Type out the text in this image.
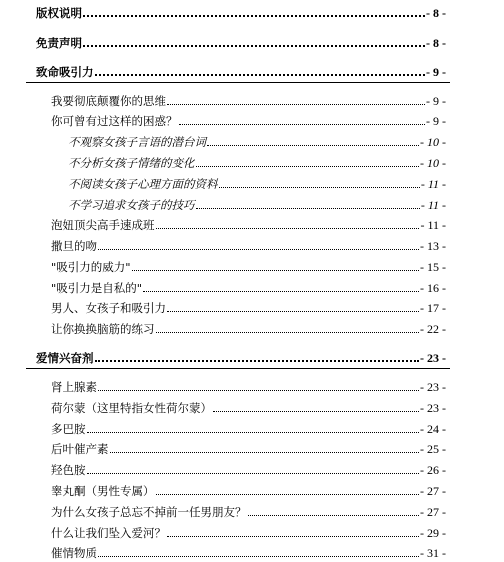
版权说明	- 8 -
免责声明	- 8 -
致命吸引力	- 9 -
我要彻底颠覆你的思维	- 9 -
你可曾有过这样的困惑？	- 9 -
不观察女孩子言语的潜台词	- 10 -
不分析女孩子情绪的变化	- 10 -
不阅读女孩子心理方面的资料	- 11 -
不学习追求女孩子的技巧	- 11 -
泡妞顶尖高手速成班	- 11 -
撒旦的吻	- 13 -
"吸引力的威力"	- 15 -
"吸引力是自私的"	- 16 -
男人、女孩子和吸引力	- 17 -
让你换换脑筋的练习	- 22 -
爱情兴奋剂	- 23 -
肾上腺素	- 23 -
荷尔蒙（这里特指女性荷尔蒙）	- 23 -
多巴胺	- 24 -
后叶催产素	- 25 -
羟色胺	- 26 -
睾丸酮（男性专属）	- 27 -
为什么女孩子总忘不掉前一任男朋友？	- 27 -
什么让我们坠入爱河？	- 29 -
催情物质	- 31 -
